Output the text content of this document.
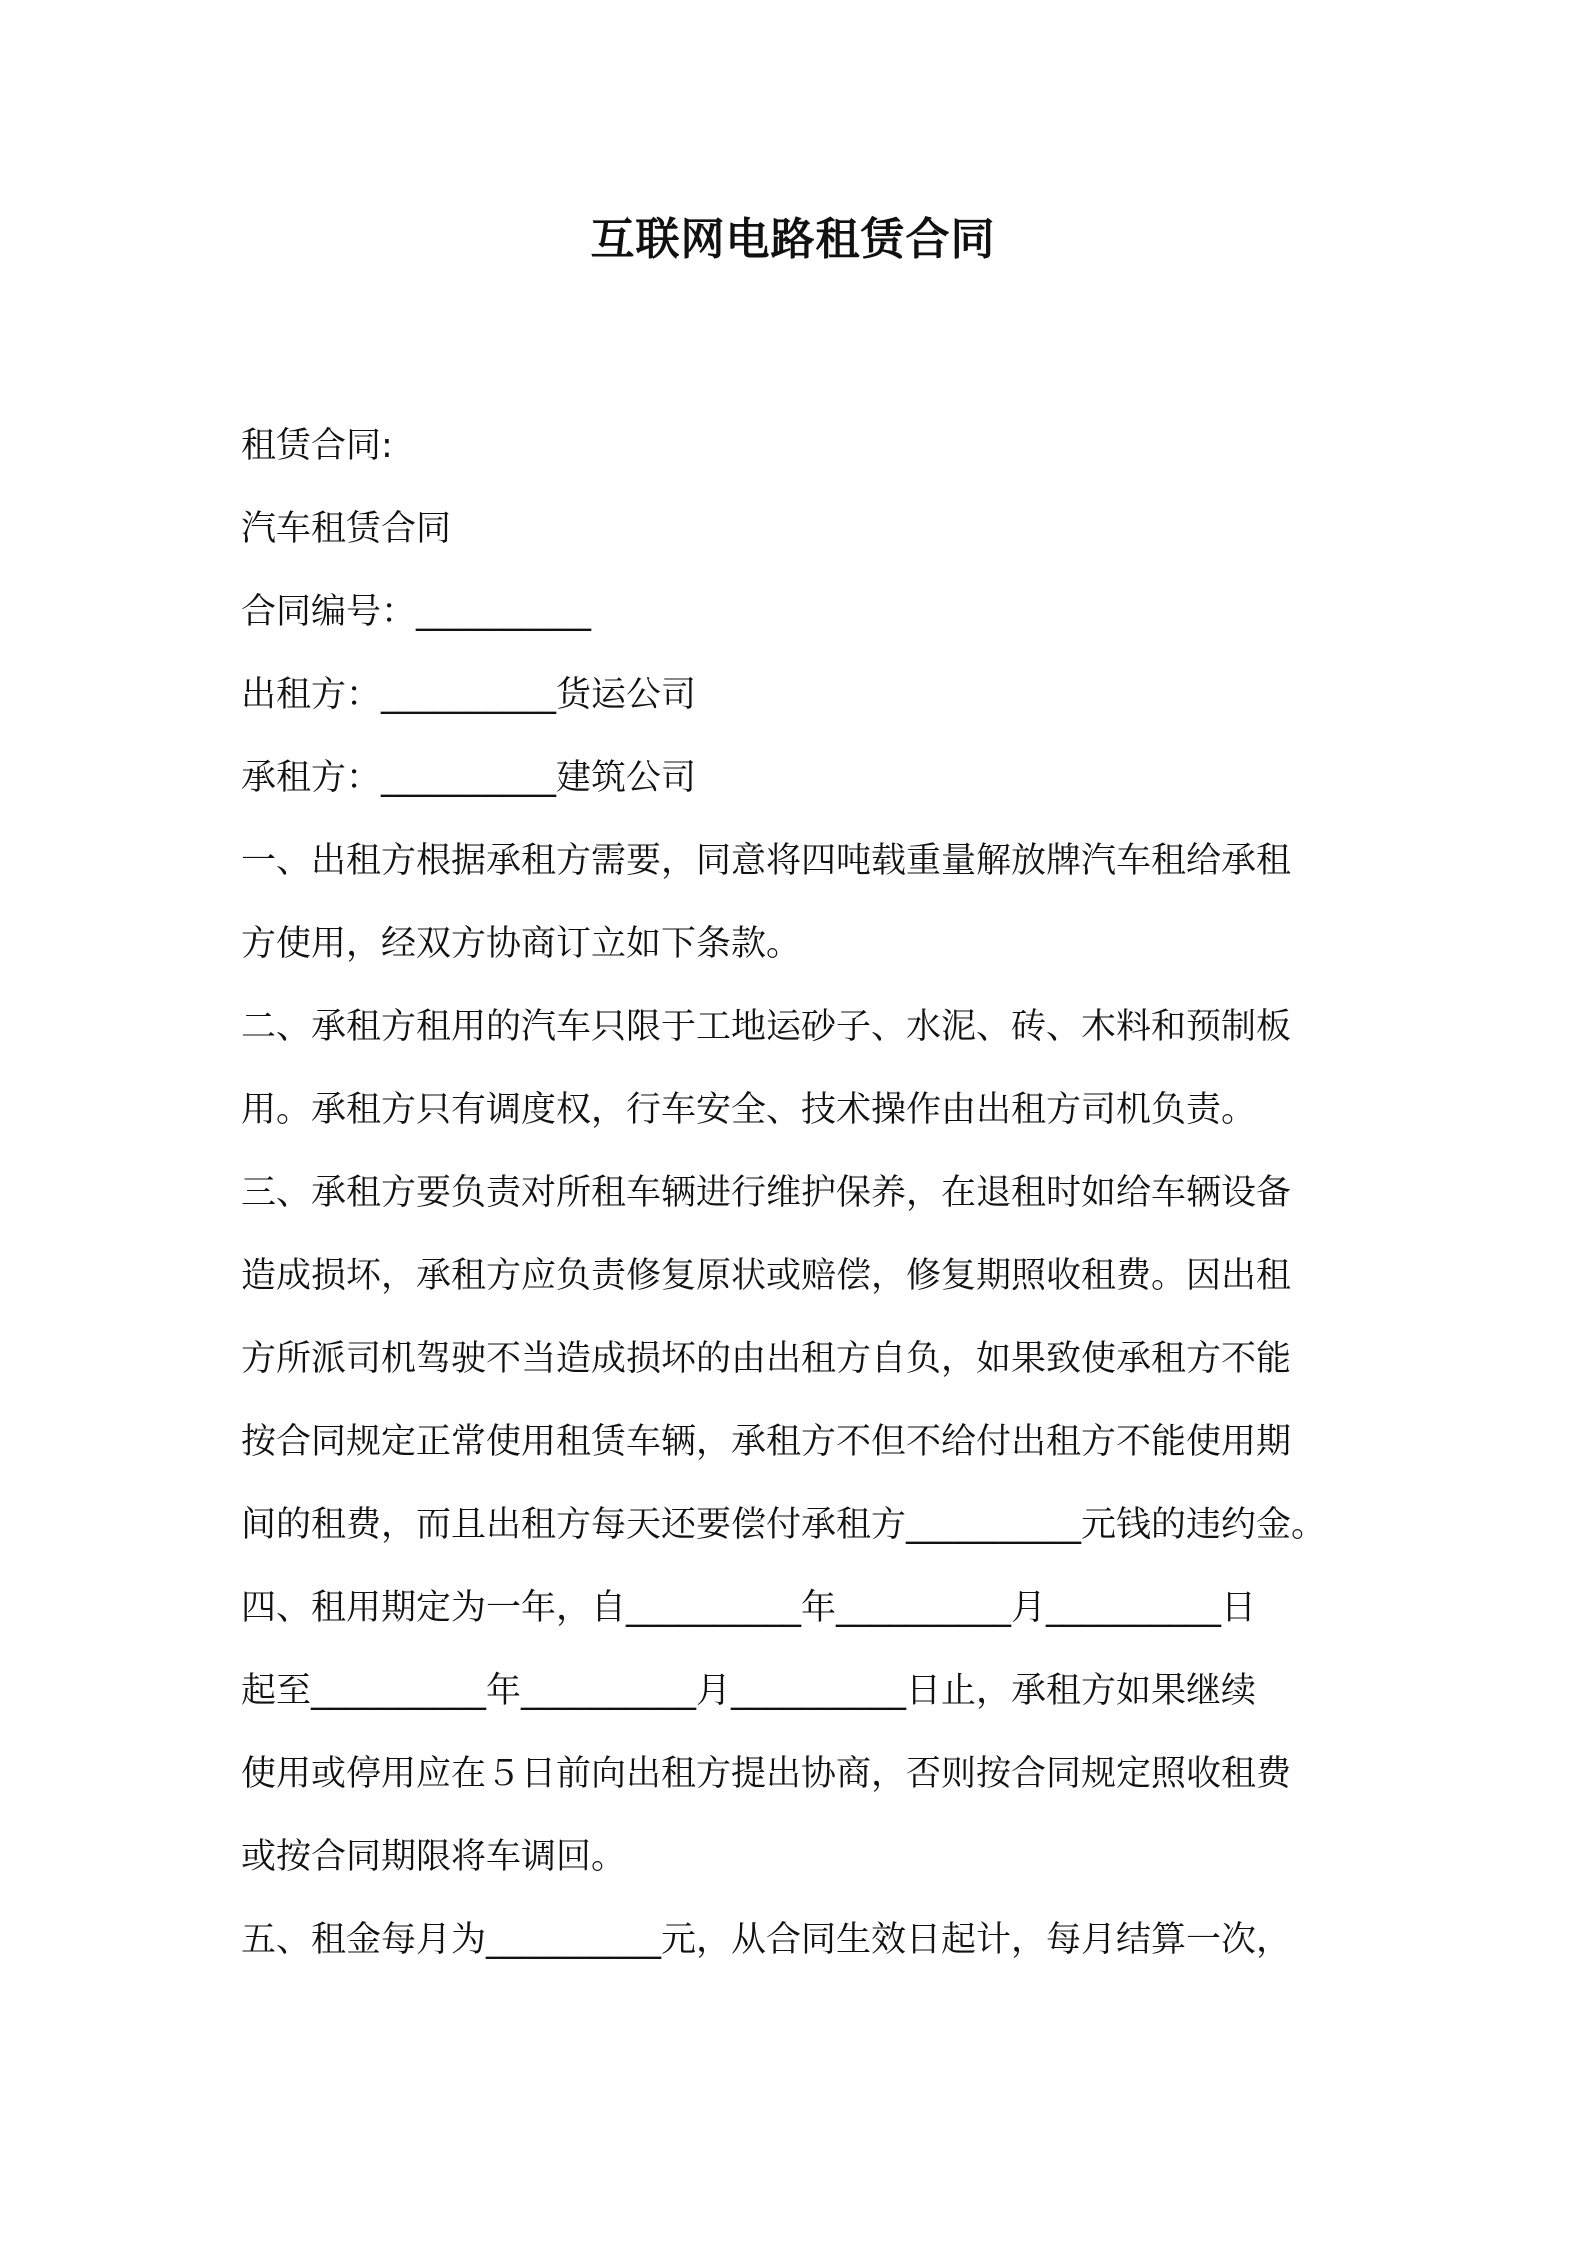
互联网电路租赁合同

租赁合同:

汽车租赁合同

合同编号：__________

出租方：__________货运公司

承租方：__________建筑公司

一、出租方根据承租方需要，同意将四吨载重量解放牌汽车租给承租

方使用，经双方协商订立如下条款。

二、承租方租用的汽车只限于工地运砂子、水泥、砖、木料和预制板

用。承租方只有调度权，行车安全、技术操作由出租方司机负责。

三、承租方要负责对所租车辆进行维护保养，在退租时如给车辆设备

造成损坏，承租方应负责修复原状或赔偿，修复期照收租费。因出租

方所派司机驾驶不当造成损坏的由出租方自负，如果致使承租方不能

按合同规定正常使用租赁车辆，承租方不但不给付出租方不能使用期

间的租费，而且出租方每天还要偿付承租方__________元钱的违约金。

四、租用期定为一年，自__________年__________月__________日

起至__________年__________月__________日止，承租方如果继续

使用或停用应在５日前向出租方提出协商，否则按合同规定照收租费

或按合同期限将车调回。

五、租金每月为__________元，从合同生效日起计，每月结算一次，
